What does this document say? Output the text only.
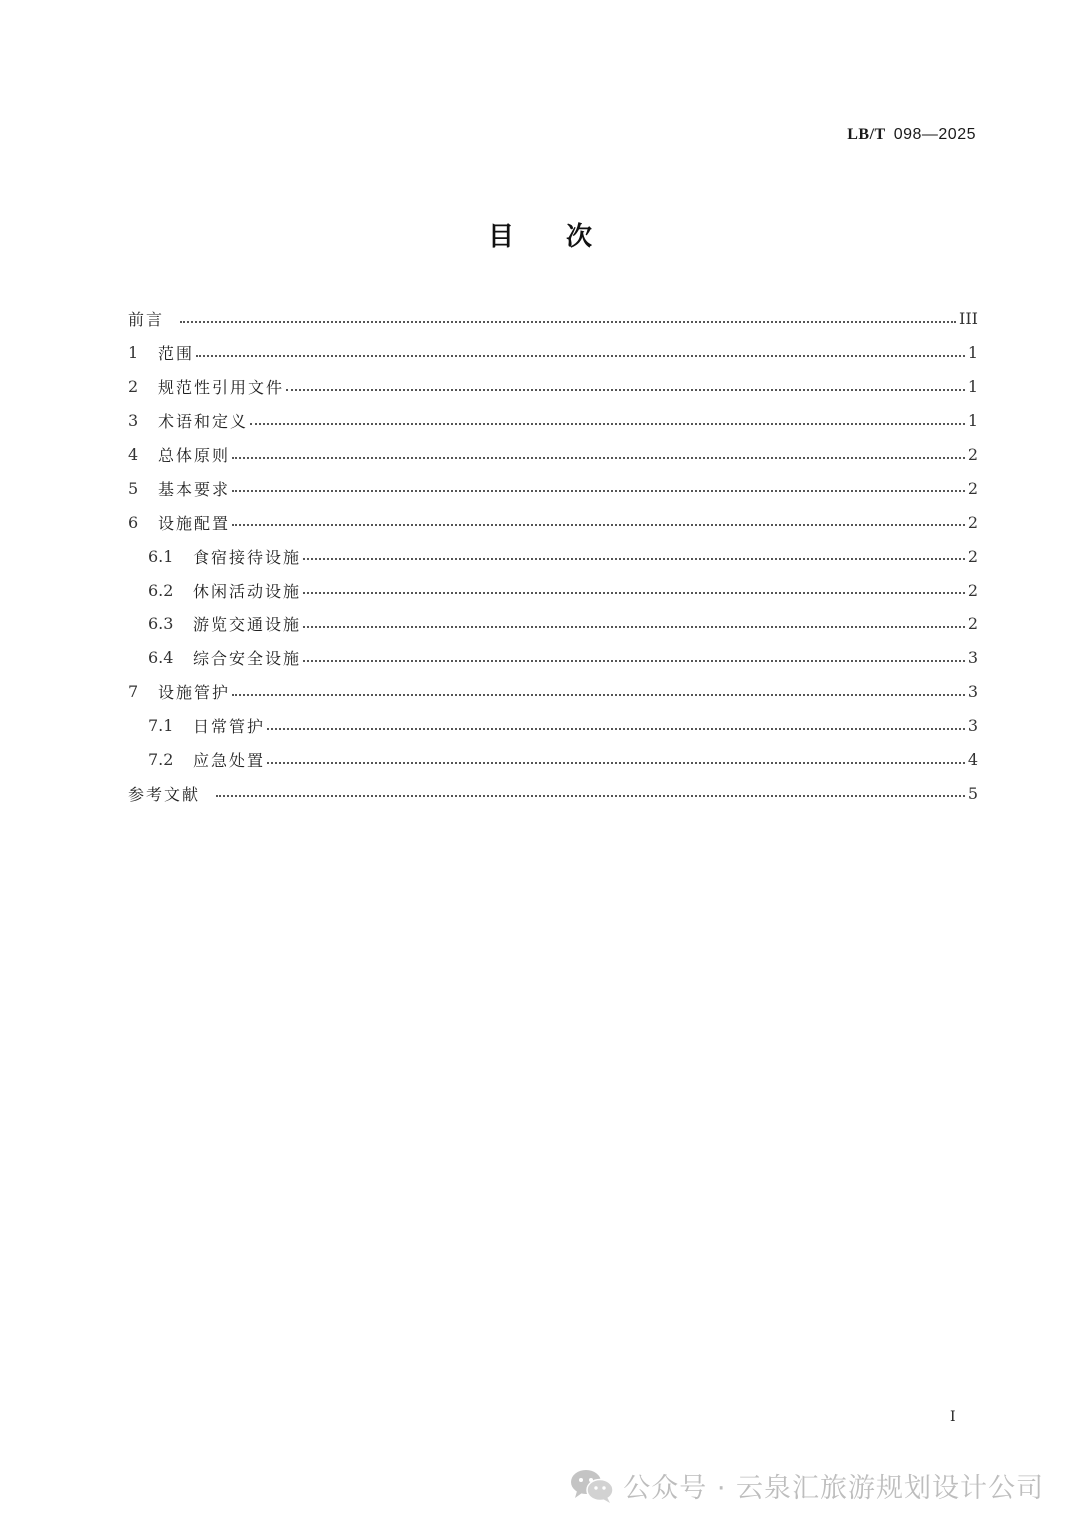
LB/T 098—2025
目次
前言	III
1	范围	1
2	规范性引用文件	1
3	术语和定义	1
4	总体原则	2
5	基本要求	2
6	设施配置	2
6.1	食宿接待设施	2
6.2	休闲活动设施	2
6.3	游览交通设施	2
6.4	综合安全设施	3
7	设施管护	3
7.1	日常管护	3
7.2	应急处置	4
参考文献	5
I
公众号 · 云泉汇旅游规划设计公司
